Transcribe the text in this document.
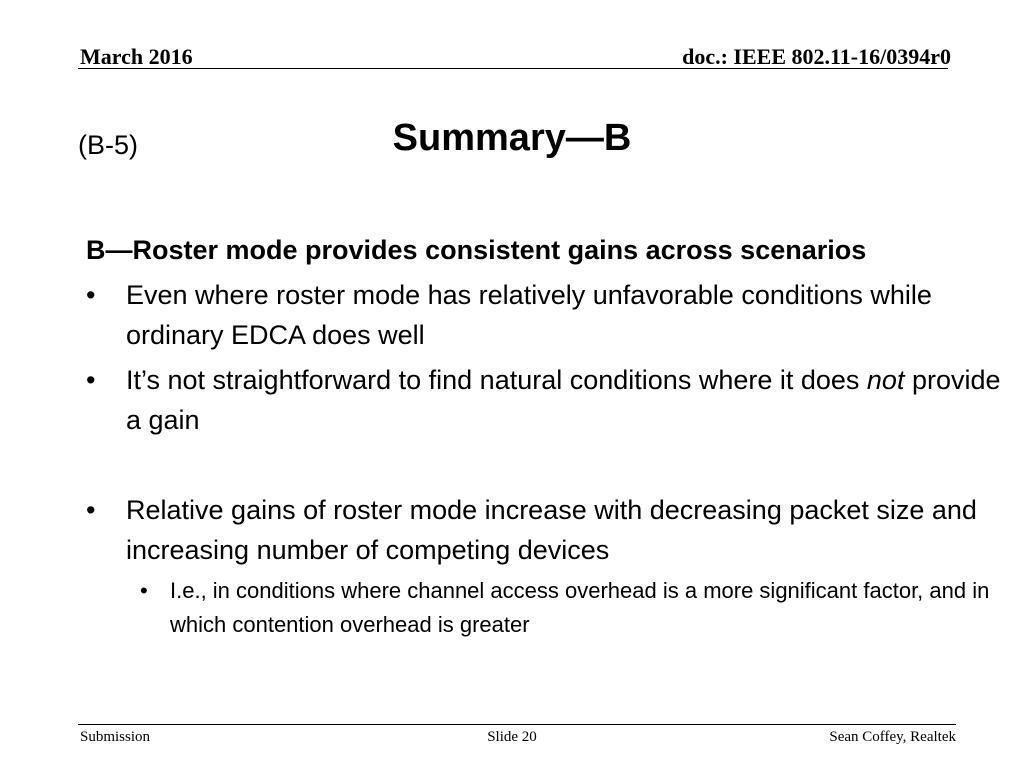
March 2016	doc.: IEEE 802.11-16/0394r0
(B-5)	Summary—B

B—Roster mode provides consistent gains across scenarios

•	Even where roster mode has relatively unfavorable conditions while ordinary EDCA does well
•	It’s not straightforward to find natural conditions where it does not provide a gain
•	Relative gains of roster mode increase with decreasing packet size and increasing number of competing devices
•	I.e., in conditions where channel access overhead is a more significant factor, and in which contention overhead is greater
Submission	Slide 20	Sean Coffey, Realtek
